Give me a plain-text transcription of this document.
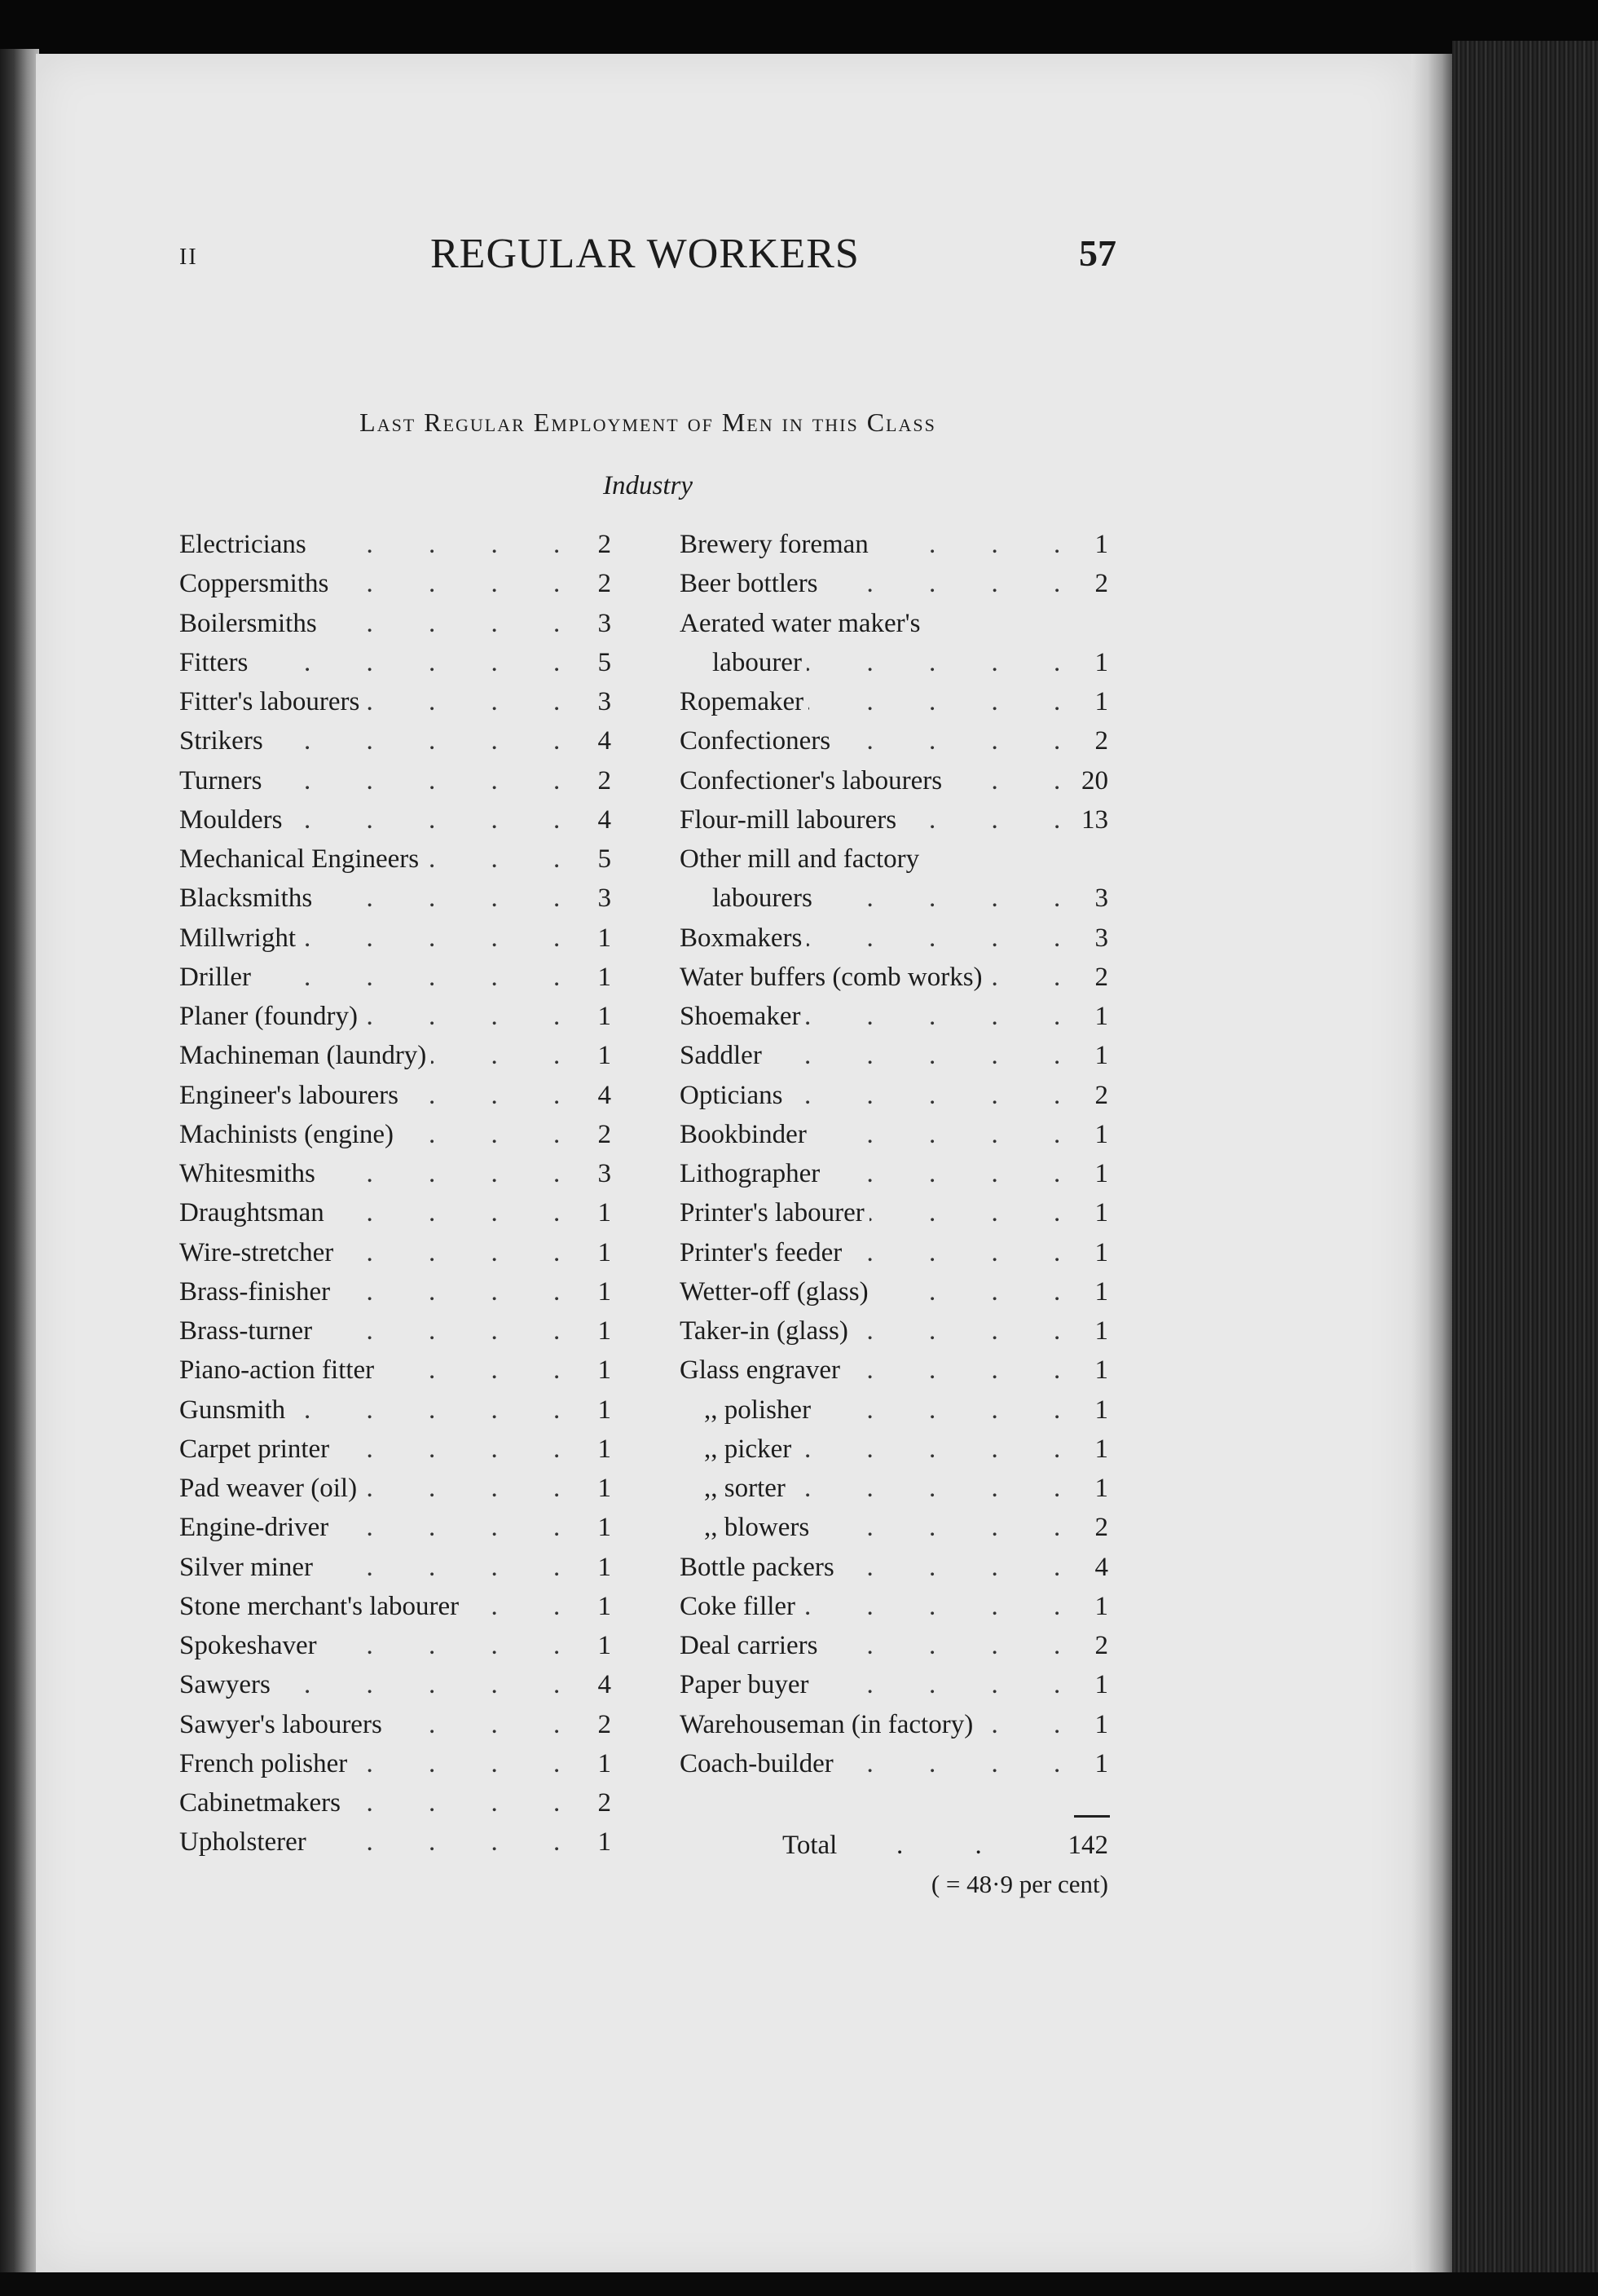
II	REGULAR WORKERS	57
Last Regular Employment of Men in this Class
Industry
. . .
Electricians	2
. . .
Coppersmiths	2
. . .
Boilersmiths	3
. . .
Fitters	5
. . .
Fitter's labourers	3
. . .
Strikers	4
. . .
Turners	2
. . .
Moulders	4
. . .
Mechanical Engineers	5
. . .
Blacksmiths	3
. . .
Millwright	1
. . .
Driller	1
. . .
Planer (foundry)	1
. . .
Machineman (laundry)	1
. . .
Engineer's labourers	4
. . .
Machinists (engine)	2
. . .
Whitesmiths	3
. . .
Draughtsman	1
. . .
Wire-stretcher	1
. . .
Brass-finisher	1
. . .
Brass-turner	1
. . .
Piano-action fitter	1
. . .
Gunsmith	1
. . .
Carpet printer	1
. . .
Pad weaver (oil)	1
. . .
Engine-driver	1
. . .
Silver miner	1
. . .
Stone merchant's labourer	1
. . .
Spokeshaver	1
. . .
Sawyers	4
. . .
Sawyer's labourers	2
. . .
French polisher	1
. . .
Cabinetmakers	2
. . .
Upholsterer	1
. . .
Brewery foreman	1
. . .
Beer bottlers	2
Aerated water maker's
. . .
labourer	1
. . .
Ropemaker	1
. . .
Confectioners	2
. . .
Confectioner's labourers	20
. . .
Flour-mill labourers	13
Other mill and factory
. . .
labourers	3
. . .
Boxmakers	3
. . .
Water buffers (comb works)	2
. . .
Shoemaker	1
. . .
Saddler	1
. . .
Opticians	2
. . .
Bookbinder	1
. . .
Lithographer	1
. . .
Printer's labourer	1
. . .
Printer's feeder	1
. . .
Wetter-off (glass)	1
. . .
Taker-in (glass)	1
. . .
Glass engraver	1
. . .
,, polisher	1
. . .
,, picker	1
. . .
,, sorter	1
. . .
,, blowers	2
. . .
Bottle packers	4
. . .
Coke filler	1
. . .
Deal carriers	2
. . .
Paper buyer	1
. . .
Warehouseman (in factory)	1
. . .
Coach-builder	1
Total . . 142
( = 48·9 per cent)
